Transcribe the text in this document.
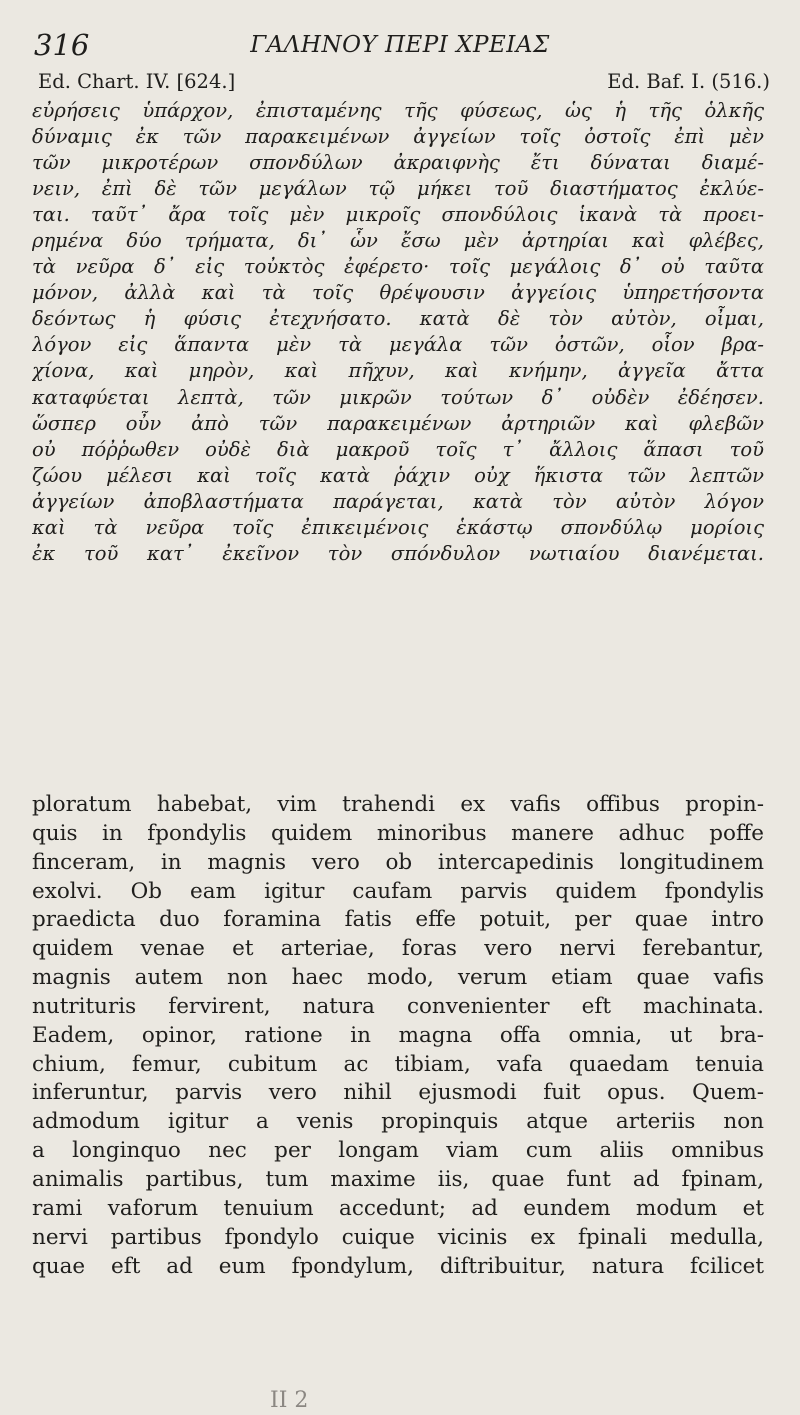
316	ΓΑΛΗΝΟΥ ΠΕΡΙ ΧΡΕΙΑΣ
Ed. Chart. IV. [624.]	Ed. Baf. I. (516.)
εὐρήσεις ὑπάρχον, ἐπισταμένης τῆς φύσεως, ὡς ἡ τῆς ὁλκῆς
δύναμις ἐκ τῶν παρακειμένων ἀγγείων τοῖς ὀστοῖς ἐπὶ μὲν
τῶν μικροτέρων σπονδύλων ἀκραιφνὴς ἔτι δύναται διαμέ-
νειν, ἐπὶ δὲ τῶν μεγάλων τῷ μήκει τοῦ διαστήματος ἐκλύε-
ται. ταῦτ᾽ ἄρα τοῖς μὲν μικροῖς σπονδύλοις ἱκανὰ τὰ προει-
ρημένα δύο τρήματα, δι᾽ ὧν ἔσω μὲν ἀρτηρίαι καὶ φλέβες,
τὰ νεῦρα δ᾽ εἰς τοὐκτὸς ἐφέρετο· τοῖς μεγάλοις δ᾽ οὐ ταῦτα
μόνον, ἀλλὰ καὶ τὰ τοῖς θρέψουσιν ἀγγείοις ὑπηρετήσοντα
δεόντως ἡ φύσις ἐτεχνήσατο. κατὰ δὲ τὸν αὐτὸν, οἶμαι,
λόγον εἰς ἅπαντα μὲν τὰ μεγάλα τῶν ὀστῶν, οἷον βρα-
χίονα, καὶ μηρὸν, καὶ πῆχυν, καὶ κνήμην, ἀγγεῖα ἄττα
καταφύεται λεπτὰ, τῶν μικρῶν τούτων δ᾽ οὐδὲν ἐδέησεν.
ὥσπερ οὖν ἀπὸ τῶν παρακειμένων ἀρτηριῶν καὶ φλεβῶν
οὐ πόῤῥωθεν οὐδὲ διὰ μακροῦ τοῖς τ᾽ ἄλλοις ἅπασι τοῦ
ζώου μέλεσι καὶ τοῖς κατὰ ῥάχιν οὐχ ἥκιστα τῶν λεπτῶν
ἀγγείων ἀποβλαστήματα παράγεται, κατὰ τὸν αὐτὸν λόγον
καὶ τὰ νεῦρα τοῖς ἐπικειμένοις ἑκάστῳ σπονδύλῳ μορίοις
ἐκ τοῦ κατ᾽ ἐκεῖνον τὸν σπόνδυλον νωτιαίου διανέμεται.
ploratum habebat, vim trahendi ex vafis offibus propin-
quis in fpondylis quidem minoribus manere adhuc poffe
finceram, in magnis vero ob intercapedinis longitudinem
exolvi. Ob eam igitur caufam parvis quidem fpondylis
praedicta duo foramina fatis effe potuit, per quae intro
quidem venae et arteriae, foras vero nervi ferebantur,
magnis autem non haec modo, verum etiam quae vafis
nutrituris fervirent, natura convenienter eft machinata.
Eadem, opinor, ratione in magna offa omnia, ut bra-
chium, femur, cubitum ac tibiam, vafa quaedam tenuia
inferuntur, parvis vero nihil ejusmodi fuit opus. Quem-
admodum igitur a venis propinquis atque arteriis non
a longinquo nec per longam viam cum aliis omnibus
animalis partibus, tum maxime iis, quae funt ad fpinam,
rami vaforum tenuium accedunt; ad eundem modum et
nervi partibus fpondylo cuique vicinis ex fpinali medulla,
quae eft ad eum fpondylum, diftribuitur, natura fcilicet
II 2
